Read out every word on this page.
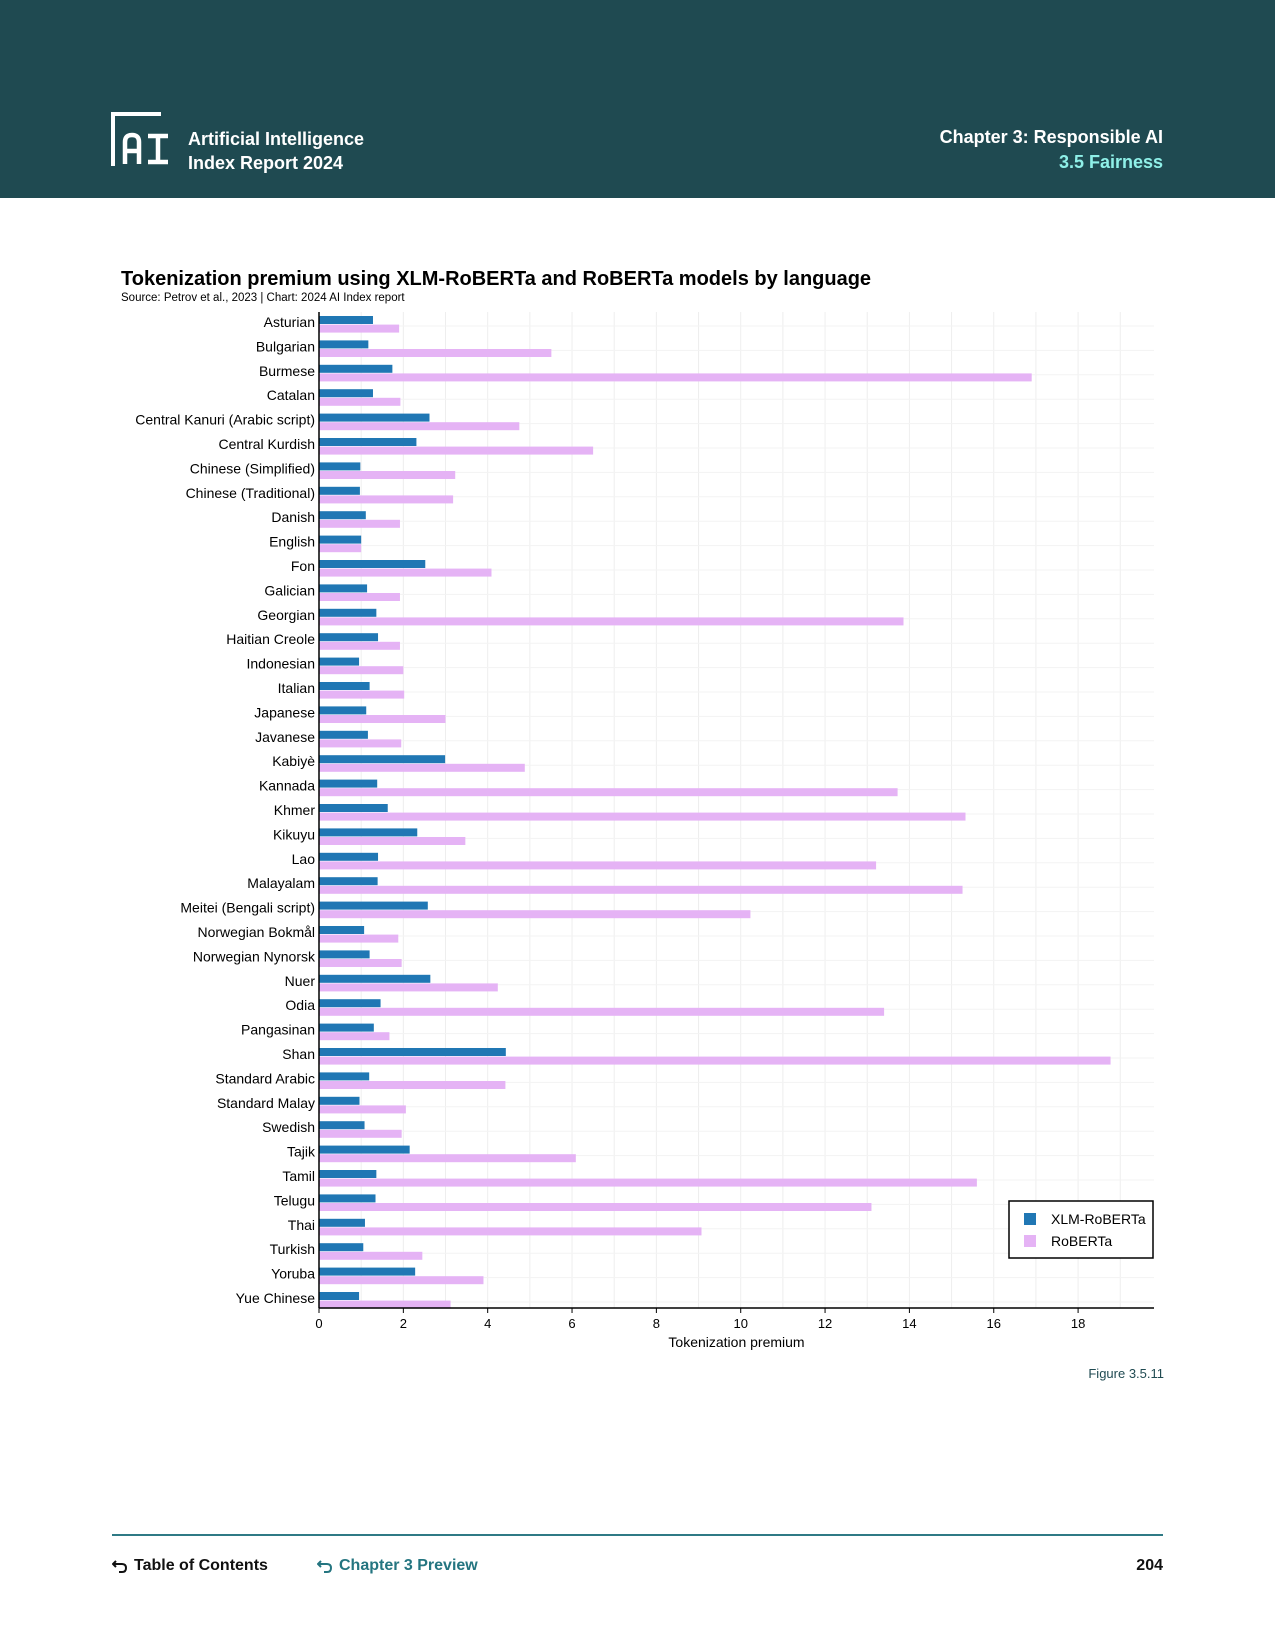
Artificial Intelligence
Index Report 2024
Chapter 3: Responsible AI
3.5 Fairness
Tokenization premium using XLM-RoBERTa and RoBERTa models by language
Source: Petrov et al., 2023 | Chart: 2024 AI Index report
Asturian
Bulgarian
Burmese
Catalan
Central Kanuri (Arabic script)
Central Kurdish
Chinese (Simplified)
Chinese (Traditional)
Danish
English
Fon
Galician
Georgian
Haitian Creole
Indonesian
Italian
Japanese
Javanese
Kabiyè
Kannada
Khmer
Kikuyu
Lao
Malayalam
Meitei (Bengali script)
Norwegian Bokmål
Norwegian Nynorsk
Nuer
Odia
Pangasinan
Shan
Standard Arabic
Standard Malay
Swedish
Tajik
Tamil
Telugu
Thai
Turkish
Yoruba
Yue Chinese
0	2	4	6	8	10	12	14	16	18
Tokenization premium
XLM-RoBERTa
RoBERTa
Figure 3.5.11
Table of Contents	Chapter 3 Preview	204
